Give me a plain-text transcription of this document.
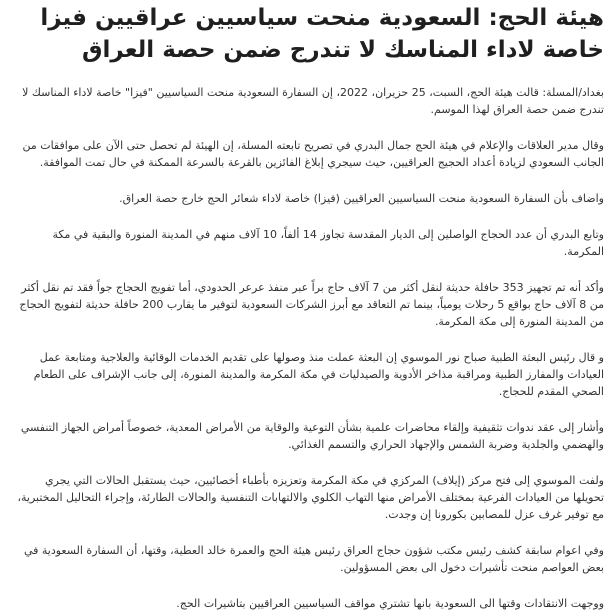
هيئة الحج: السعودية منحت سياسيين عراقيين فيزا خاصة لاداء المناسك لا تندرج ضمن حصة العراق

بغداد/المسلة: قالت هيئة الحج، السبت، 25 حزيران، 2022، إن السفارة السعودية منحت السياسيين "فيزا" خاصة لاداء المناسك لا تندرج ضمن حصة العراق لهذا الموسم.

وقال مدير العلاقات والإعلام في هيئة الحج جمال البدري في تصريح تابعته المسلة، إن الهيئة لم تحصل حتى الآن على موافقات من الجانب السعودي لزيادة أعداد الحجيج العراقيين، حيث سيجري إبلاغ الفائزين بالقرعة بالسرعة الممكنة في حال تمت الموافقة.

واضاف بأن السفارة السعودية منحت السياسيين العراقيين (فيزا) خاصة لاداء شعائر الحج خارج حصة العراق.

وتابع البدري أن عدد الحجاج الواصلين إلى الديار المقدسة تجاوز 14 ألفاً، 10 آلاف منهم في المدينة المنورة والبقية في مكة المكرمة.

وأكد أنه تم تجهيز 353 حافلة حديثة لنقل أكثر من 7 آلاف حاج براً عبر منفذ عرعر الحدودي، أما تفويج الحجاج جواً فقد تم نقل أكثر من 8 آلاف حاج بواقع 5 رحلات يومياً، بينما تم التعاقد مع أبرز الشركات السعودية لتوفير ما يقارب 200 حافلة حديثة لتفويج الحجاج من المدينة المنورة إلى مكة المكرمة.

و قال رئيس البعثة الطبية صباح نور الموسوي إن البعثة عملت منذ وصولها على تقديم الخدمات الوقائية والعلاجية ومتابعة عمل العيادات والمفارز الطبية ومراقبة مذاخر الأدوية والصيدليات في مكة المكرمة والمدينة المنورة، إلى جانب الإشراف على الطعام الصحي المقدم للحجاج.

وأشار إلى عقد ندوات تثقيفية وإلقاء محاضرات علمية بشأن التوعية والوقاية من الأمراض المعدية، خصوصاً أمراض الجهاز التنفسي والهضمي والجلدية وضربة الشمس والإجهاد الحراري والتسمم الغذائي.

ولفت الموسوي إلى فتح مركز (إيلاف) المركزي في مكة المكرمة وتعزيزه بأطباء أخصائيين، حيث يستقبل الحالات التي يجري تحويلها من العيادات الفرعية بمختلف الأمراض منها التهاب الكلوي والالتهابات التنفسية والحالات الطارئة، وإجراء التحاليل المختبرية، مع توفير غرف عزل للمصابين بكورونا إن وجدت.

وفي اعوام سابقة كشف رئيس مكتب شؤون حجاج العراق رئيس هيئة الحج والعمرة خالد العطية، وقتها، أن السفارة السعودية في بعض العواصم منحت تأشيرات دخول الى بعض المسؤولين.

ووجهت الانتقادات وقتها الى السعودية بانها تشتري مواقف السياسيين العراقيين بتاشيرات الحج.
